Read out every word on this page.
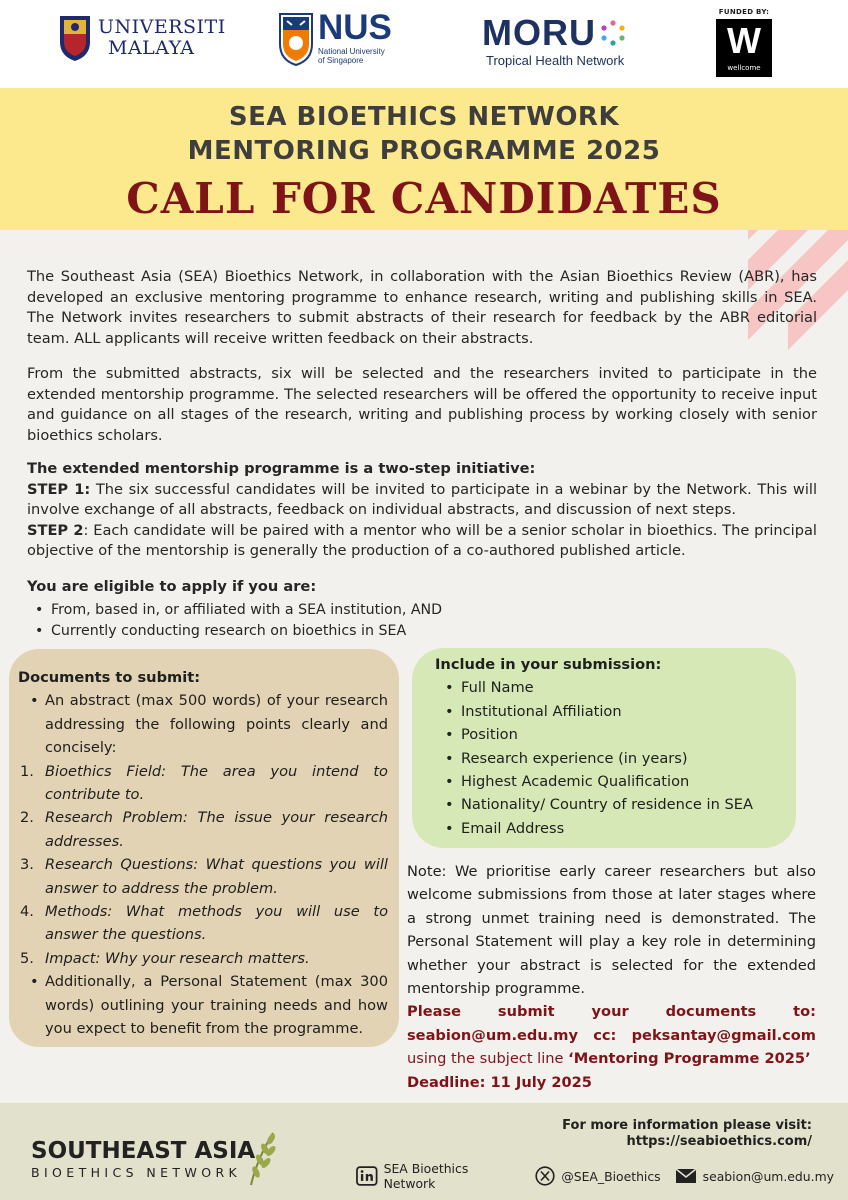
UNIVERSITI
MALAYA
NUS
National University
of Singapore
MORU
Tropical Health Network
FUNDED BY:
W
wellcome
SEA BIOETHICS NETWORK
MENTORING PROGRAMME 2025
CALL FOR CANDIDATES

The Southeast Asia (SEA) Bioethics Network, in collaboration with the Asian Bioethics Review (ABR), has developed an exclusive mentoring programme to enhance research, writing and publishing skills in SEA. The Network invites researchers to submit abstracts of their research for feedback by the ABR editorial team. ALL applicants will receive written feedback on their abstracts.

From the submitted abstracts, six will be selected and the researchers invited to participate in the extended mentorship programme. The selected researchers will be offered the opportunity to receive input and guidance on all stages of the research, writing and publishing process by working closely with senior bioethics scholars.

The extended mentorship programme is a two-step initiative:
STEP 1: The six successful candidates will be invited to participate in a webinar by the Network. This will involve exchange of all abstracts, feedback on individual abstracts, and discussion of next steps.
STEP 2: Each candidate will be paired with a mentor who will be a senior scholar in bioethics. The principal objective of the mentorship is generally the production of a co-authored published article.
You are eligible to apply if you are:
• From, based in, or affiliated with a SEA institution, AND
• Currently conducting research on bioethics in SEA
Documents to submit:
• An abstract (max 500 words) of your research addressing the following points clearly and concisely:
1. Bioethics Field: The area you intend to contribute to.
2. Research Problem: The issue your research addresses.
3. Research Questions: What questions you will answer to address the problem.
4. Methods: What methods you will use to answer the questions.
5. Impact: Why your research matters.
• Additionally, a Personal Statement (max 300 words) outlining your training needs and how you expect to benefit from the programme.
Include in your submission:
• Full Name
• Institutional Affiliation
• Position
• Research experience (in years)
• Highest Academic Qualification
• Nationality/ Country of residence in SEA
• Email Address
Note: We prioritise early career researchers but also welcome submissions from those at later stages where a strong unmet training need is demonstrated. The Personal Statement will play a key role in determining whether your abstract is selected for the extended mentorship programme.
Please submit your documents to:
seabion@um.edu.my cc: peksantay@gmail.com
using the subject line ‘Mentoring Programme 2025’
Deadline: 11 July 2025
SOUTHEAST ASIA
BIOETHICS NETWORK
For more information please visit:
https://seabioethics.com/
SEA Bioethics Network	@SEA_Bioethics	seabion@um.edu.my
